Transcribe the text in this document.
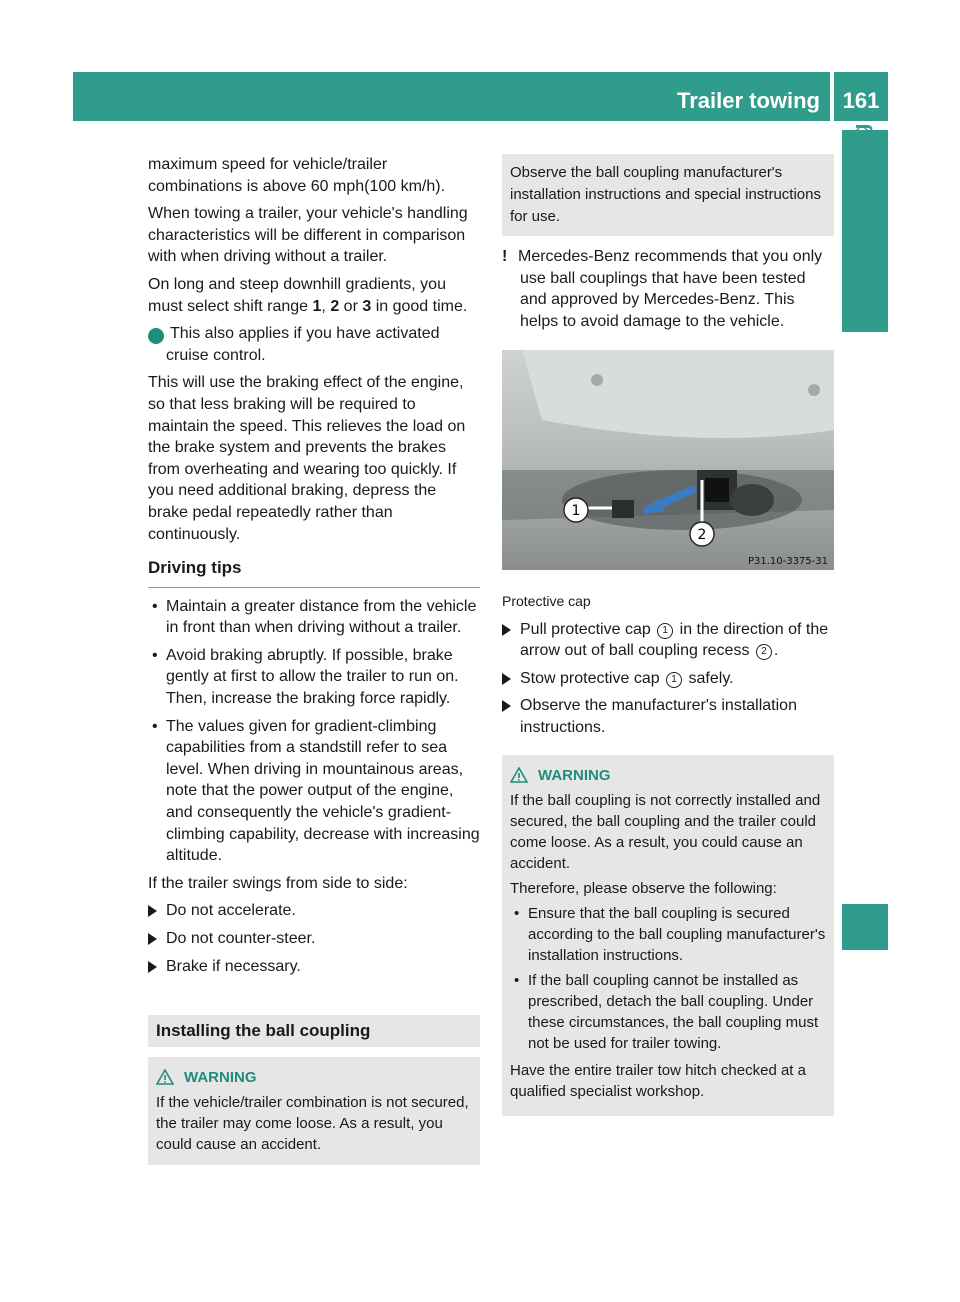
Trailer towing	161
Driving and parking

maximum speed for vehicle/trailer combinations is above 60 mph(100 km/h).

When towing a trailer, your vehicle's handling characteristics will be different in comparison with when driving without a trailer.

On long and steep downhill gradients, you must select shift range 1, 2 or 3 in good time.

i This also applies if you have activated cruise control.

This will use the braking effect of the engine, so that less braking will be required to maintain the speed. This relieves the load on the brake system and prevents the brakes from overheating and wearing too quickly. If you need additional braking, depress the brake pedal repeatedly rather than continuously.

Driving tips
• Maintain a greater distance from the vehicle in front than when driving without a trailer.
• Avoid braking abruptly. If possible, brake gently at first to allow the trailer to run on. Then, increase the braking force rapidly.
• The values given for gradient-climbing capabilities from a standstill refer to sea level. When driving in mountainous areas, note that the power output of the engine, and consequently the vehicle's gradient-climbing capability, decrease with increasing altitude.

If the trailer swings from side to side:

Do not accelerate.
Do not counter-steer.
Brake if necessary.
Installing the ball coupling
WARNING
If the vehicle/trailer combination is not secured, the trailer may come loose. As a result, you could cause an accident.
Observe the ball coupling manufacturer's installation instructions and special instructions for use.

! Mercedes-Benz recommends that you only use ball couplings that have been tested and approved by Mercedes-Benz. This helps to avoid damage to the vehicle.

1
2
P31.10-3375-31
Protective cap
Pull protective cap 1 in the direction of the arrow out of ball coupling recess 2 .
Stow protective cap 1 safely.
Observe the manufacturer's installation instructions.
WARNING

If the ball coupling is not correctly installed and secured, the ball coupling and the trailer could come loose. As a result, you could cause an accident.

Therefore, please observe the following:

• Ensure that the ball coupling is secured according to the ball coupling manufacturer's installation instructions.
• If the ball coupling cannot be installed as prescribed, detach the ball coupling. Under these circumstances, the ball coupling must not be used for trailer towing.

Have the entire trailer tow hitch checked at a qualified specialist workshop.
